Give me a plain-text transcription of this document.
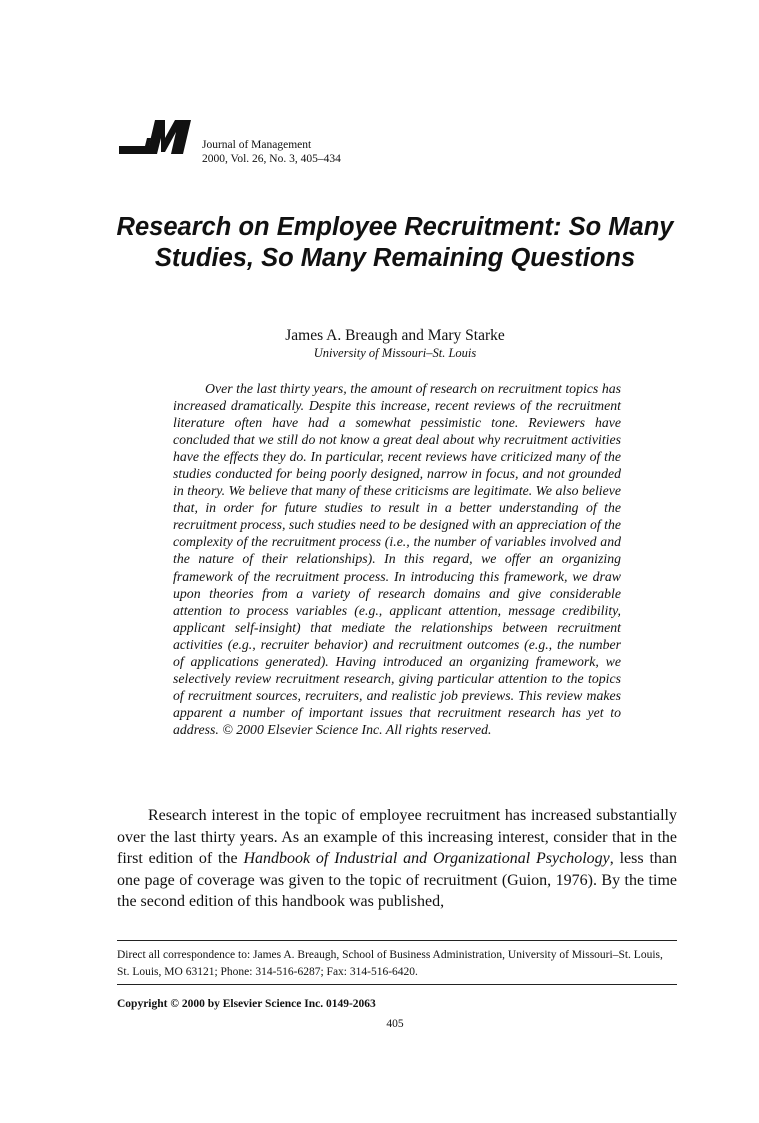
Journal of Management
2000, Vol. 26, No. 3, 405–434
Research on Employee Recruitment: So Many Studies, So Many Remaining Questions
James A. Breaugh and Mary Starke
University of Missouri–St. Louis
Over the last thirty years, the amount of research on recruitment topics has increased dramatically. Despite this increase, recent reviews of the recruitment literature often have had a somewhat pessimistic tone. Reviewers have concluded that we still do not know a great deal about why recruitment activities have the effects they do. In particular, recent reviews have criticized many of the studies conducted for being poorly designed, narrow in focus, and not grounded in theory. We believe that many of these criticisms are legitimate. We also believe that, in order for future studies to result in a better understanding of the recruitment process, such studies need to be designed with an appreciation of the complexity of the recruitment process (i.e., the number of variables involved and the nature of their relationships). In this regard, we offer an organizing framework of the recruitment process. In introducing this framework, we draw upon theories from a variety of research domains and give considerable attention to process variables (e.g., applicant attention, message credibility, applicant self-insight) that mediate the relationships between recruitment activities (e.g., recruiter behavior) and recruitment outcomes (e.g., the number of applications generated). Having introduced an organizing framework, we selectively review recruitment research, giving particular attention to the topics of recruitment sources, recruiters, and realistic job previews. This review makes apparent a number of important issues that recruitment research has yet to address. © 2000 Elsevier Science Inc. All rights reserved.
Research interest in the topic of employee recruitment has increased substantially over the last thirty years. As an example of this increasing interest, consider that in the first edition of the Handbook of Industrial and Organizational Psychology, less than one page of coverage was given to the topic of recruitment (Guion, 1976). By the time the second edition of this handbook was published,
Direct all correspondence to: James A. Breaugh, School of Business Administration, University of Missouri–St. Louis, St. Louis, MO 63121; Phone: 314-516-6287; Fax: 314-516-6420.
Copyright © 2000 by Elsevier Science Inc. 0149-2063
405
